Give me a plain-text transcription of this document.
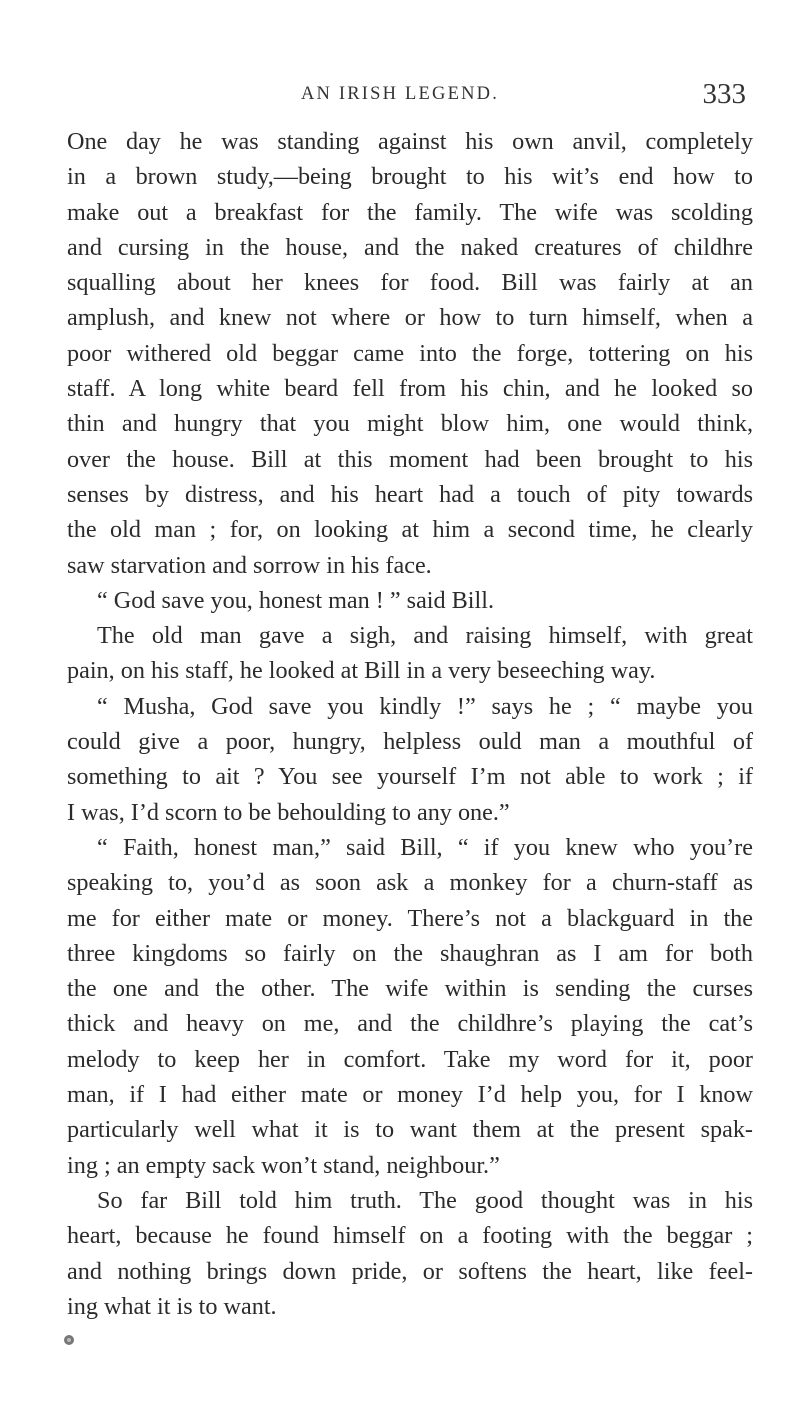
AN IRISH LEGEND.	333
One day he was standing against his own anvil, completely
in a brown study,—being brought to his wit’s end how to
make out a breakfast for the family. The wife was scolding
and cursing in the house, and the naked creatures of childhre
squalling about her knees for food. Bill was fairly at an
amplush, and knew not where or how to turn himself, when a
poor withered old beggar came into the forge, tottering on his
staff. A long white beard fell from his chin, and he looked so
thin and hungry that you might blow him, one would think,
over the house. Bill at this moment had been brought to his
senses by distress, and his heart had a touch of pity towards
the old man ; for, on looking at him a second time, he clearly
saw starvation and sorrow in his face.
“ God save you, honest man ! ” said Bill.
The old man gave a sigh, and raising himself, with great
pain, on his staff, he looked at Bill in a very beseeching way.
“ Musha, God save you kindly !” says he ; “ maybe you
could give a poor, hungry, helpless ould man a mouthful of
something to ait ? You see yourself I’m not able to work ; if
I was, I’d scorn to be behoulding to any one.”
“ Faith, honest man,” said Bill, “ if you knew who you’re
speaking to, you’d as soon ask a monkey for a churn-staff as
me for either mate or money. There’s not a blackguard in the
three kingdoms so fairly on the shaughran as I am for both
the one and the other. The wife within is sending the curses
thick and heavy on me, and the childhre’s playing the cat’s
melody to keep her in comfort. Take my word for it, poor
man, if I had either mate or money I’d help you, for I know
particularly well what it is to want them at the present spak-
ing ; an empty sack won’t stand, neighbour.”
So far Bill told him truth. The good thought was in his
heart, because he found himself on a footing with the beggar ;
and nothing brings down pride, or softens the heart, like feel-
ing what it is to want.
